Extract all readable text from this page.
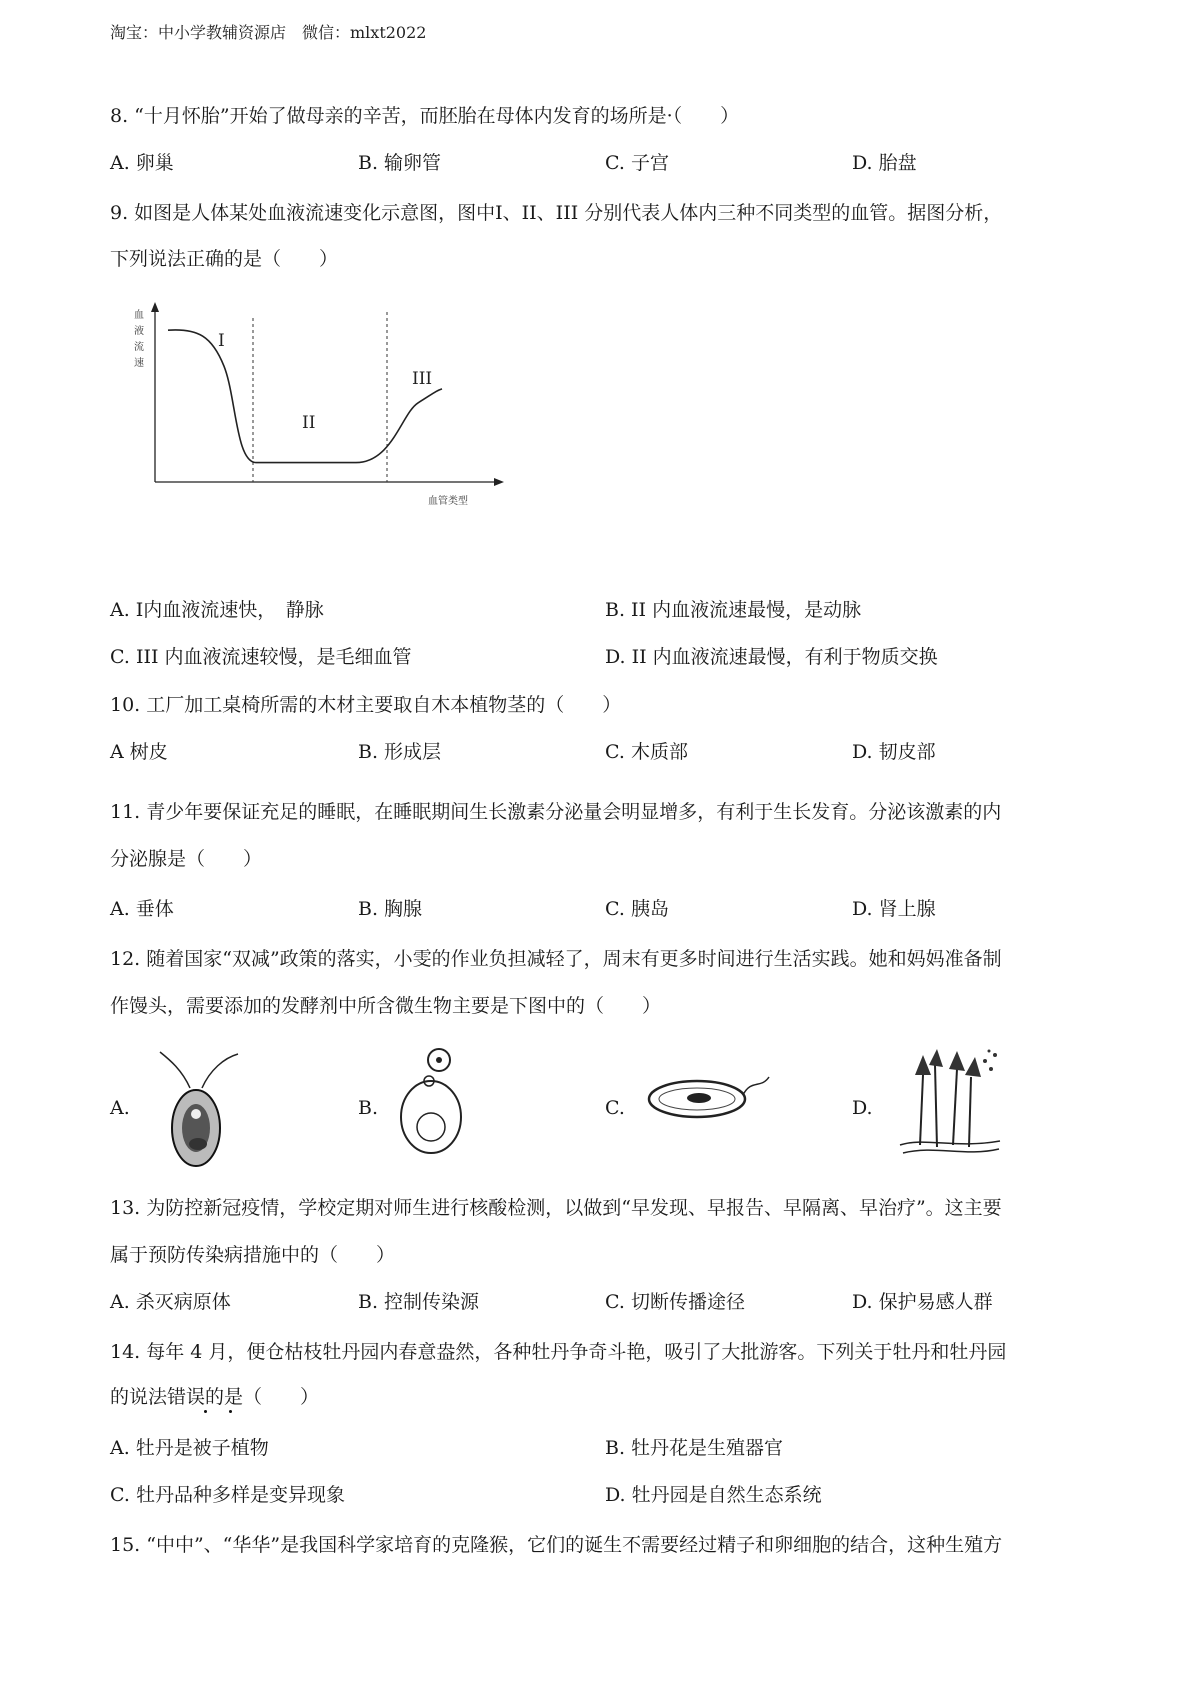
淘宝：中小学教辅资源店　微信：mlxt2022
8. “十月怀胎”开始了做母亲的辛苦，而胚胎在母体内发育的场所是·（　　）
A. 卵巢	B. 输卵管	C. 子宫	D. 胎盘
9. 如图是人体某处血液流速变化示意图，图中Ⅰ、II、III 分别代表人体内三种不同类型的血管。据图分析，
下列说法正确的是（　　）
血
液
流
速
I
II
III
血管类型
A. Ⅰ内血液流速快，　静脉	B. II 内血液流速最慢，是动脉
C. III 内血液流速较慢，是毛细血管	D. II 内血液流速最慢，有利于物质交换
10. 工厂加工桌椅所需的木材主要取自木本植物茎的（　　）
A 树皮	B. 形成层	C. 木质部	D. 韧皮部
11. 青少年要保证充足的睡眠，在睡眠期间生长激素分泌量会明显增多，有利于生长发育。分泌该激素的内
分泌腺是（　　）
A. 垂体	B. 胸腺	C. 胰岛	D. 肾上腺
12. 随着国家“双减”政策的落实，小雯的作业负担减轻了，周末有更多时间进行生活实践。她和妈妈准备制
作馒头，需要添加的发酵剂中所含微生物主要是下图中的（　　）
A.	B.	C.	D.
13. 为防控新冠疫情，学校定期对师生进行核酸检测，以做到“早发现、早报告、早隔离、早治疗”。这主要
属于预防传染病措施中的（　　）
A. 杀灭病原体	B. 控制传染源	C. 切断传播途径	D. 保护易感人群
14. 每年 4 月，便仓枯枝牡丹园内春意盎然，各种牡丹争奇斗艳，吸引了大批游客。下列关于牡丹和牡丹园
的说法错误的是（　　）
A. 牡丹是被子植物	B. 牡丹花是生殖器官
C. 牡丹品种多样是变异现象	D. 牡丹园是自然生态系统
15. “中中”、“华华”是我国科学家培育的克隆猴，它们的诞生不需要经过精子和卵细胞的结合，这种生殖方
